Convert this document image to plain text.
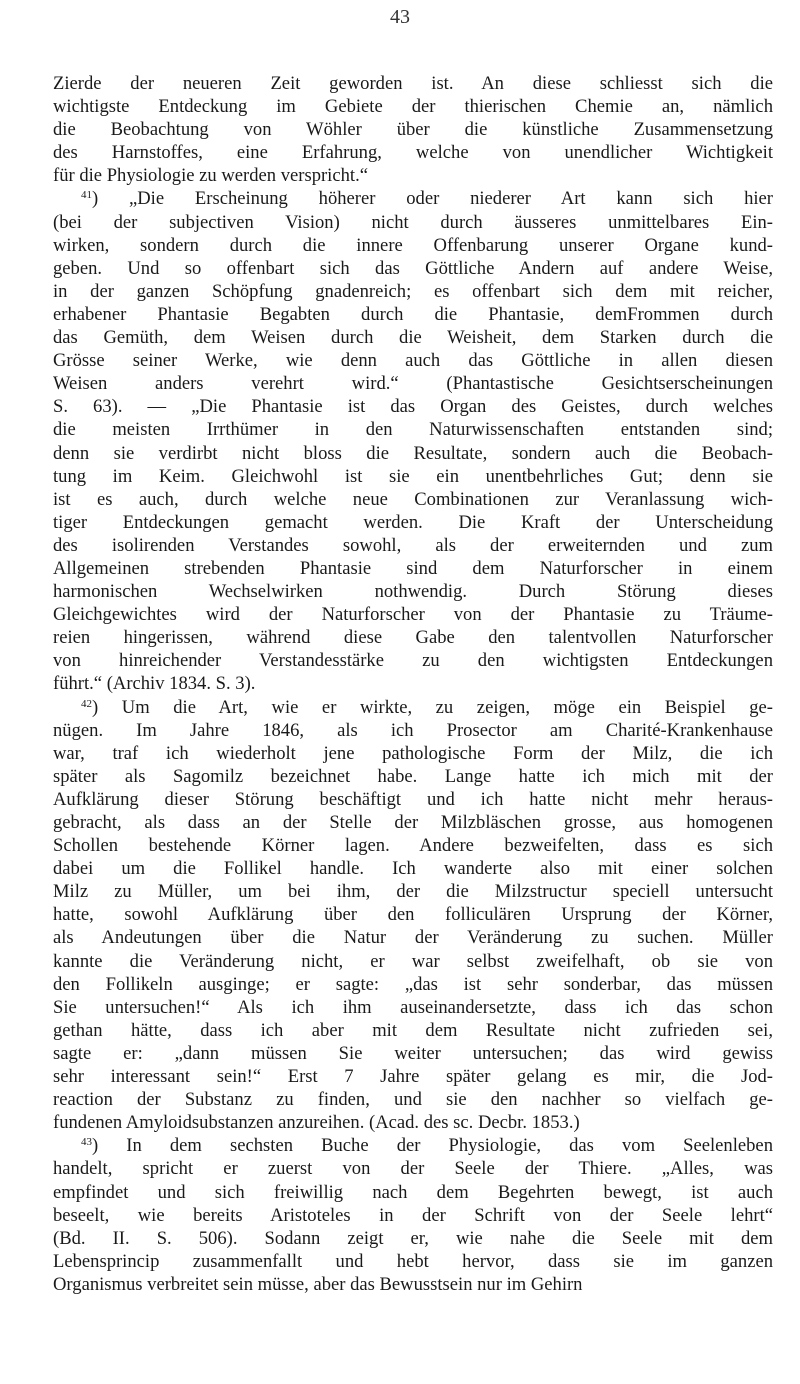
43
Zierde der neueren Zeit geworden ist. An diese schliesst sich die
wichtigste Entdeckung im Gebiete der thierischen Chemie an, nämlich
die Beobachtung von Wöhler über die künstliche Zusammensetzung
des Harnstoffes, eine Erfahrung, welche von unendlicher Wichtigkeit
für die Physiologie zu werden verspricht.“
$^{41}$) „Die Erscheinung höherer oder niederer Art kann sich hier
(bei der subjectiven Vision) nicht durch äusseres unmittelbares Ein-
wirken, sondern durch die innere Offenbarung unserer Organe kund-
geben. Und so offenbart sich das Göttliche Andern auf andere Weise,
in der ganzen Schöpfung gnadenreich; es offenbart sich dem mit reicher,
erhabener Phantasie Begabten durch die Phantasie, demFrommen durch
das Gemüth, dem Weisen durch die Weisheit, dem Starken durch die
Grösse seiner Werke, wie denn auch das Göttliche in allen diesen
Weisen anders verehrt wird.“ (Phantastische Gesichtserscheinungen
S. 63). — „Die Phantasie ist das Organ des Geistes, durch welches
die meisten Irrthümer in den Naturwissenschaften entstanden sind;
denn sie verdirbt nicht bloss die Resultate, sondern auch die Beobach-
tung im Keim. Gleichwohl ist sie ein unentbehrliches Gut; denn sie
ist es auch, durch welche neue Combinationen zur Veranlassung wich-
tiger Entdeckungen gemacht werden. Die Kraft der Unterscheidung
des isolirenden Verstandes sowohl, als der erweiternden und zum
Allgemeinen strebenden Phantasie sind dem Naturforscher in einem
harmonischen Wechselwirken nothwendig. Durch Störung dieses
Gleichgewichtes wird der Naturforscher von der Phantasie zu Träume-
reien hingerissen, während diese Gabe den talentvollen Naturforscher
von hinreichender Verstandesstärke zu den wichtigsten Entdeckungen
führt.“ (Archiv 1834. S. 3).
$^{42}$) Um die Art, wie er wirkte, zu zeigen, möge ein Beispiel ge-
nügen. Im Jahre 1846, als ich Prosector am Charité-Krankenhause
war, traf ich wiederholt jene pathologische Form der Milz, die ich
später als Sagomilz bezeichnet habe. Lange hatte ich mich mit der
Aufklärung dieser Störung beschäftigt und ich hatte nicht mehr heraus-
gebracht, als dass an der Stelle der Milzbläschen grosse, aus homogenen
Schollen bestehende Körner lagen. Andere bezweifelten, dass es sich
dabei um die Follikel handle. Ich wanderte also mit einer solchen
Milz zu Müller, um bei ihm, der die Milzstructur speciell untersucht
hatte, sowohl Aufklärung über den folliculären Ursprung der Körner,
als Andeutungen über die Natur der Veränderung zu suchen. Müller
kannte die Veränderung nicht, er war selbst zweifelhaft, ob sie von
den Follikeln ausginge; er sagte: „das ist sehr sonderbar, das müssen
Sie untersuchen!“ Als ich ihm auseinandersetzte, dass ich das schon
gethan hätte, dass ich aber mit dem Resultate nicht zufrieden sei,
sagte er: „dann müssen Sie weiter untersuchen; das wird gewiss
sehr interessant sein!“ Erst 7 Jahre später gelang es mir, die Jod-
reaction der Substanz zu finden, und sie den nachher so vielfach ge-
fundenen Amyloidsubstanzen anzureihen. (Acad. des sc. Decbr. 1853.)
$^{43}$) In dem sechsten Buche der Physiologie, das vom Seelenleben
handelt, spricht er zuerst von der Seele der Thiere. „Alles, was
empfindet und sich freiwillig nach dem Begehrten bewegt, ist auch
beseelt, wie bereits Aristoteles in der Schrift von der Seele lehrt“
(Bd. II. S. 506). Sodann zeigt er, wie nahe die Seele mit dem
Lebensprincip zusammenfallt und hebt hervor, dass sie im ganzen
Organismus verbreitet sein müsse, aber das Bewusstsein nur im Gehirn
